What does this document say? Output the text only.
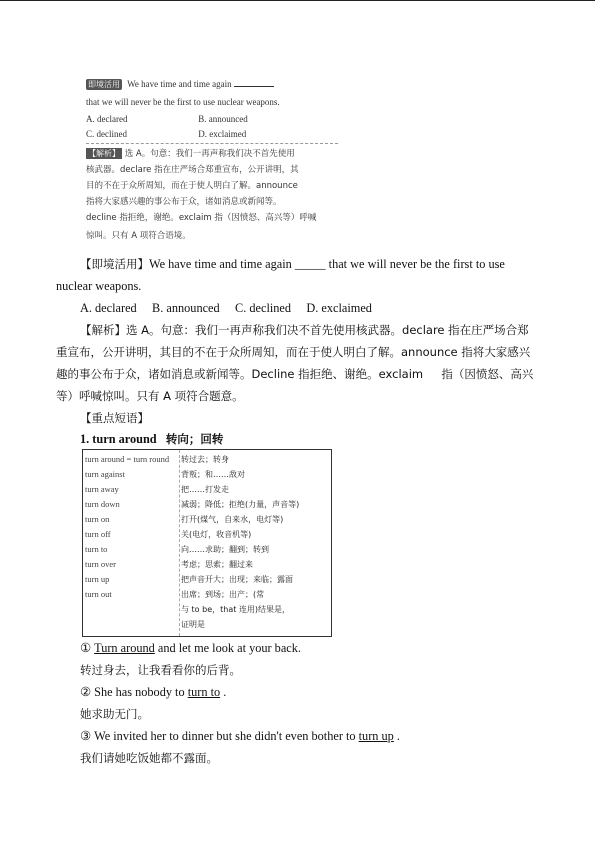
即境活用 We have time and time again
that we will never be the first to use nuclear weapons.
A. declared	B. announced
C. declined	D. exclaimed
【解析】 选 A。句意：我们一再声称我们决不首先使用
核武器。declare 指在庄严场合郑重宣布，公开讲明，其
目的不在于众所周知，而在于使人明白了解。announce
指将大家感兴趣的事公布于众，诸如消息或新闻等。
decline 指拒绝，谢绝。exclaim 指（因愤怒、高兴等）呼喊
惊叫。只有 A 项符合语境。
【即境活用】We have time and time again _____ that we will never be the first to use
nuclear weapons.
A. declared     B. announced     C. declined     D. exclaimed
【解析】选 A。句意：我们一再声称我们决不首先使用核武器。declare 指在庄严场合郑
重宣布，公开讲明，其目的不在于众所周知，而在于使人明白了解。announce 指将大家感兴
趣的事公布于众，诸如消息或新闻等。Decline 指拒绝、谢绝。exclaim     指（因愤怒、高兴
等）呼喊惊叫。只有 A 项符合题意。
【重点短语】
1. turn around 转向；回转
turn around = turn round 转过去；转身
turn against	背叛；和……敌对
turn away	把……打发走
turn down	减弱；降低；拒绝(力量，声音等)
turn on	打开(煤气，自来水，电灯等)
turn off	关(电灯，收音机等)
turn to	向……求助；翻到；转到
turn over	考虑；思索；翻过来
turn up	把声音开大；出现；来临；露面
turn out	出席；到场；出产；(常
与 to be，that 连用)结果是，
证明是
① Turn around and let me look at your back.
转过身去，让我看看你的后背。
② She has nobody to turn to .
她求助无门。
③ We invited her to dinner but she didn't even bother to turn up .
我们请她吃饭她都不露面。
